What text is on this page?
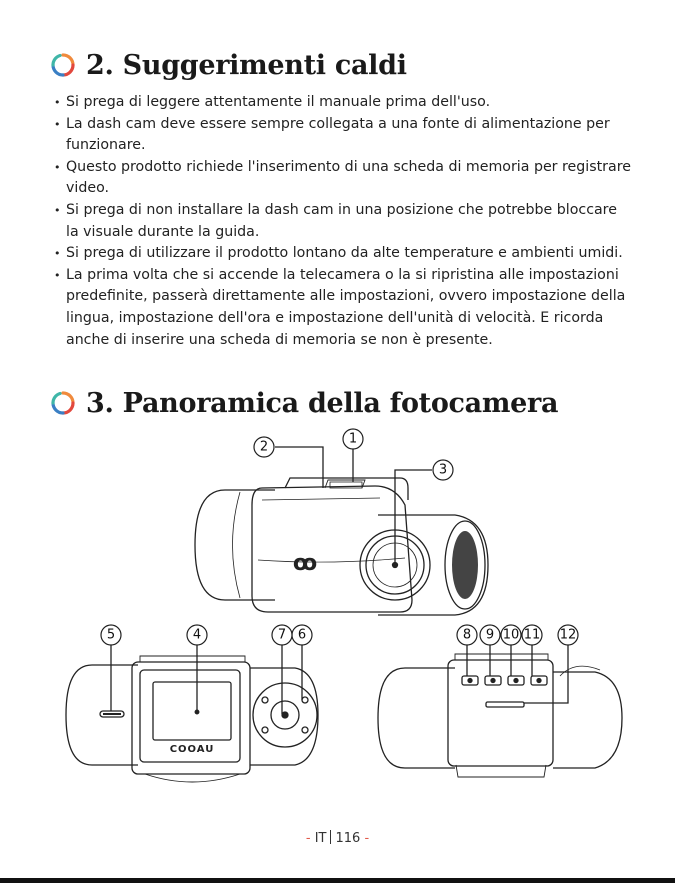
2. Suggerimenti caldi
• Si prega di leggere attentamente il manuale prima dell'uso.
• La dash cam deve essere sempre collegata a una fonte di alimentazione per funzionare.
• Questo prodotto richiede l'inserimento di una scheda di memoria per registrare video.
• Si prega di non installare la dash cam in una posizione che potrebbe bloccare la visuale durante la guida.
• Si prega di utilizzare il prodotto lontano da alte temperature e ambienti umidi.
• La prima volta che si accende la telecamera o la si ripristina alle impostazioni predefinite, passerà direttamente alle impostazioni, ovvero impostazione della lingua, impostazione dell'ora e impostazione dell'unità di velocità. E ricorda anche di inserire una scheda di memoria se non è presente.
3. Panoramica della fotocamera
ꝏ
COOAU
1
2
3
4
5	6
7	8 9 10 11 12
- IT 116 -
